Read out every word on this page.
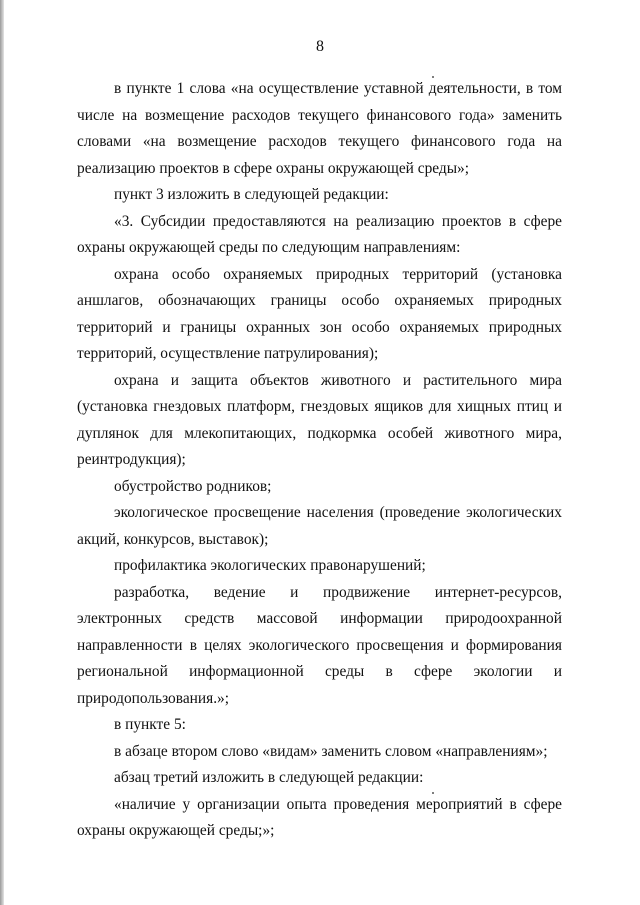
8

в пункте 1 слова «на осуществление уставной деятельности, в том числе на возмещение расходов текущего финансового года» заменить словами «на возмещение расходов текущего финансового года на реализацию проектов в сфере охраны окружающей среды»;

пункт 3 изложить в следующей редакции:

«3. Субсидии предоставляются на реализацию проектов в сфере охраны окружающей среды по следующим направлениям:

охрана особо охраняемых природных территорий (установка аншлагов, обозначающих границы особо охраняемых природных территорий и границы охранных зон особо охраняемых природных территорий, осуществление патрулирования);

охрана и защита объектов животного и растительного мира (установка гнездовых платформ, гнездовых ящиков для хищных птиц и дуплянок для млекопитающих, подкормка особей животного мира, реинтродукция);

обустройство родников;

экологическое просвещение населения (проведение экологических акций, конкурсов, выставок);

профилактика экологических правонарушений;

разработка, ведение и продвижение интернет-ресурсов, электронных средств массовой информации природоохранной направленности в целях экологического просвещения и формирования региональной информационной среды в сфере экологии и природопользования.»;

в пункте 5:

в абзаце втором слово «видам» заменить словом «направлениям»;

абзац третий изложить в следующей редакции:

«наличие у организации опыта проведения мероприятий в сфере охраны окружающей среды;»;
